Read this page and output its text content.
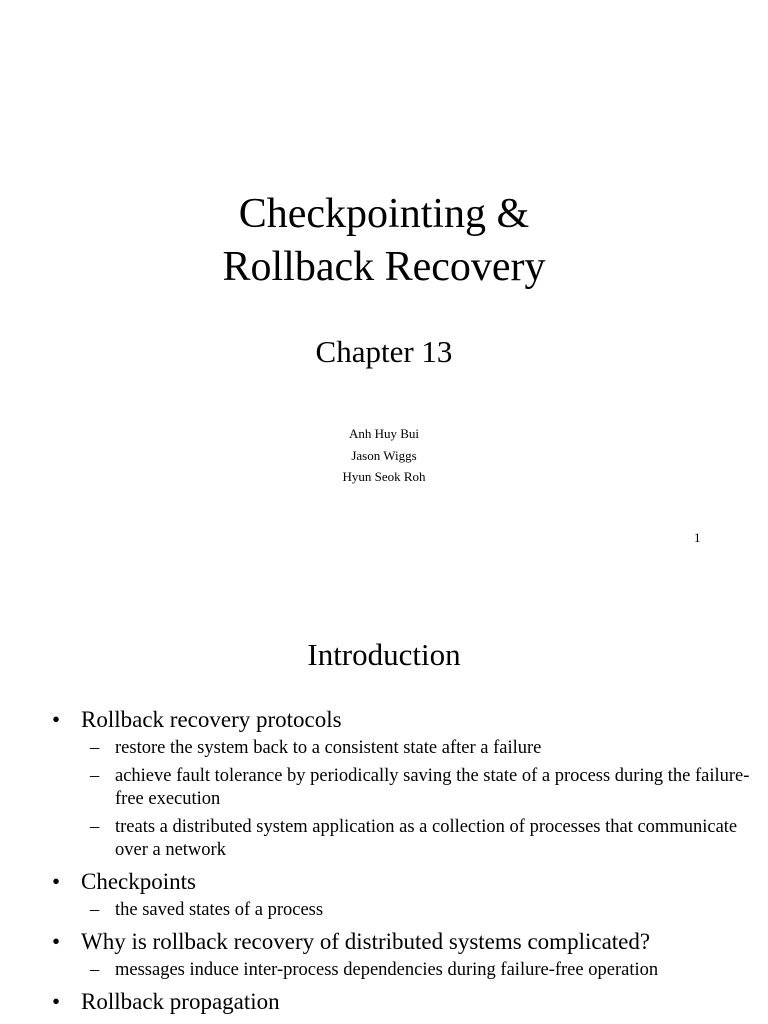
Checkpointing &
Rollback Recovery
Chapter 13
Anh Huy Bui
Jason Wiggs
Hyun Seok Roh
1
Introduction
• Rollback recovery protocols
– restore the system back to a consistent state after a failure
– achieve fault tolerance by periodically saving the state of a process during the failure-free execution
– treats a distributed system application as a collection of processes that communicate over a network
• Checkpoints
– the saved states of a process
• Why is rollback recovery of distributed systems complicated?
– messages induce inter-process dependencies during failure-free operation
• Rollback propagation
